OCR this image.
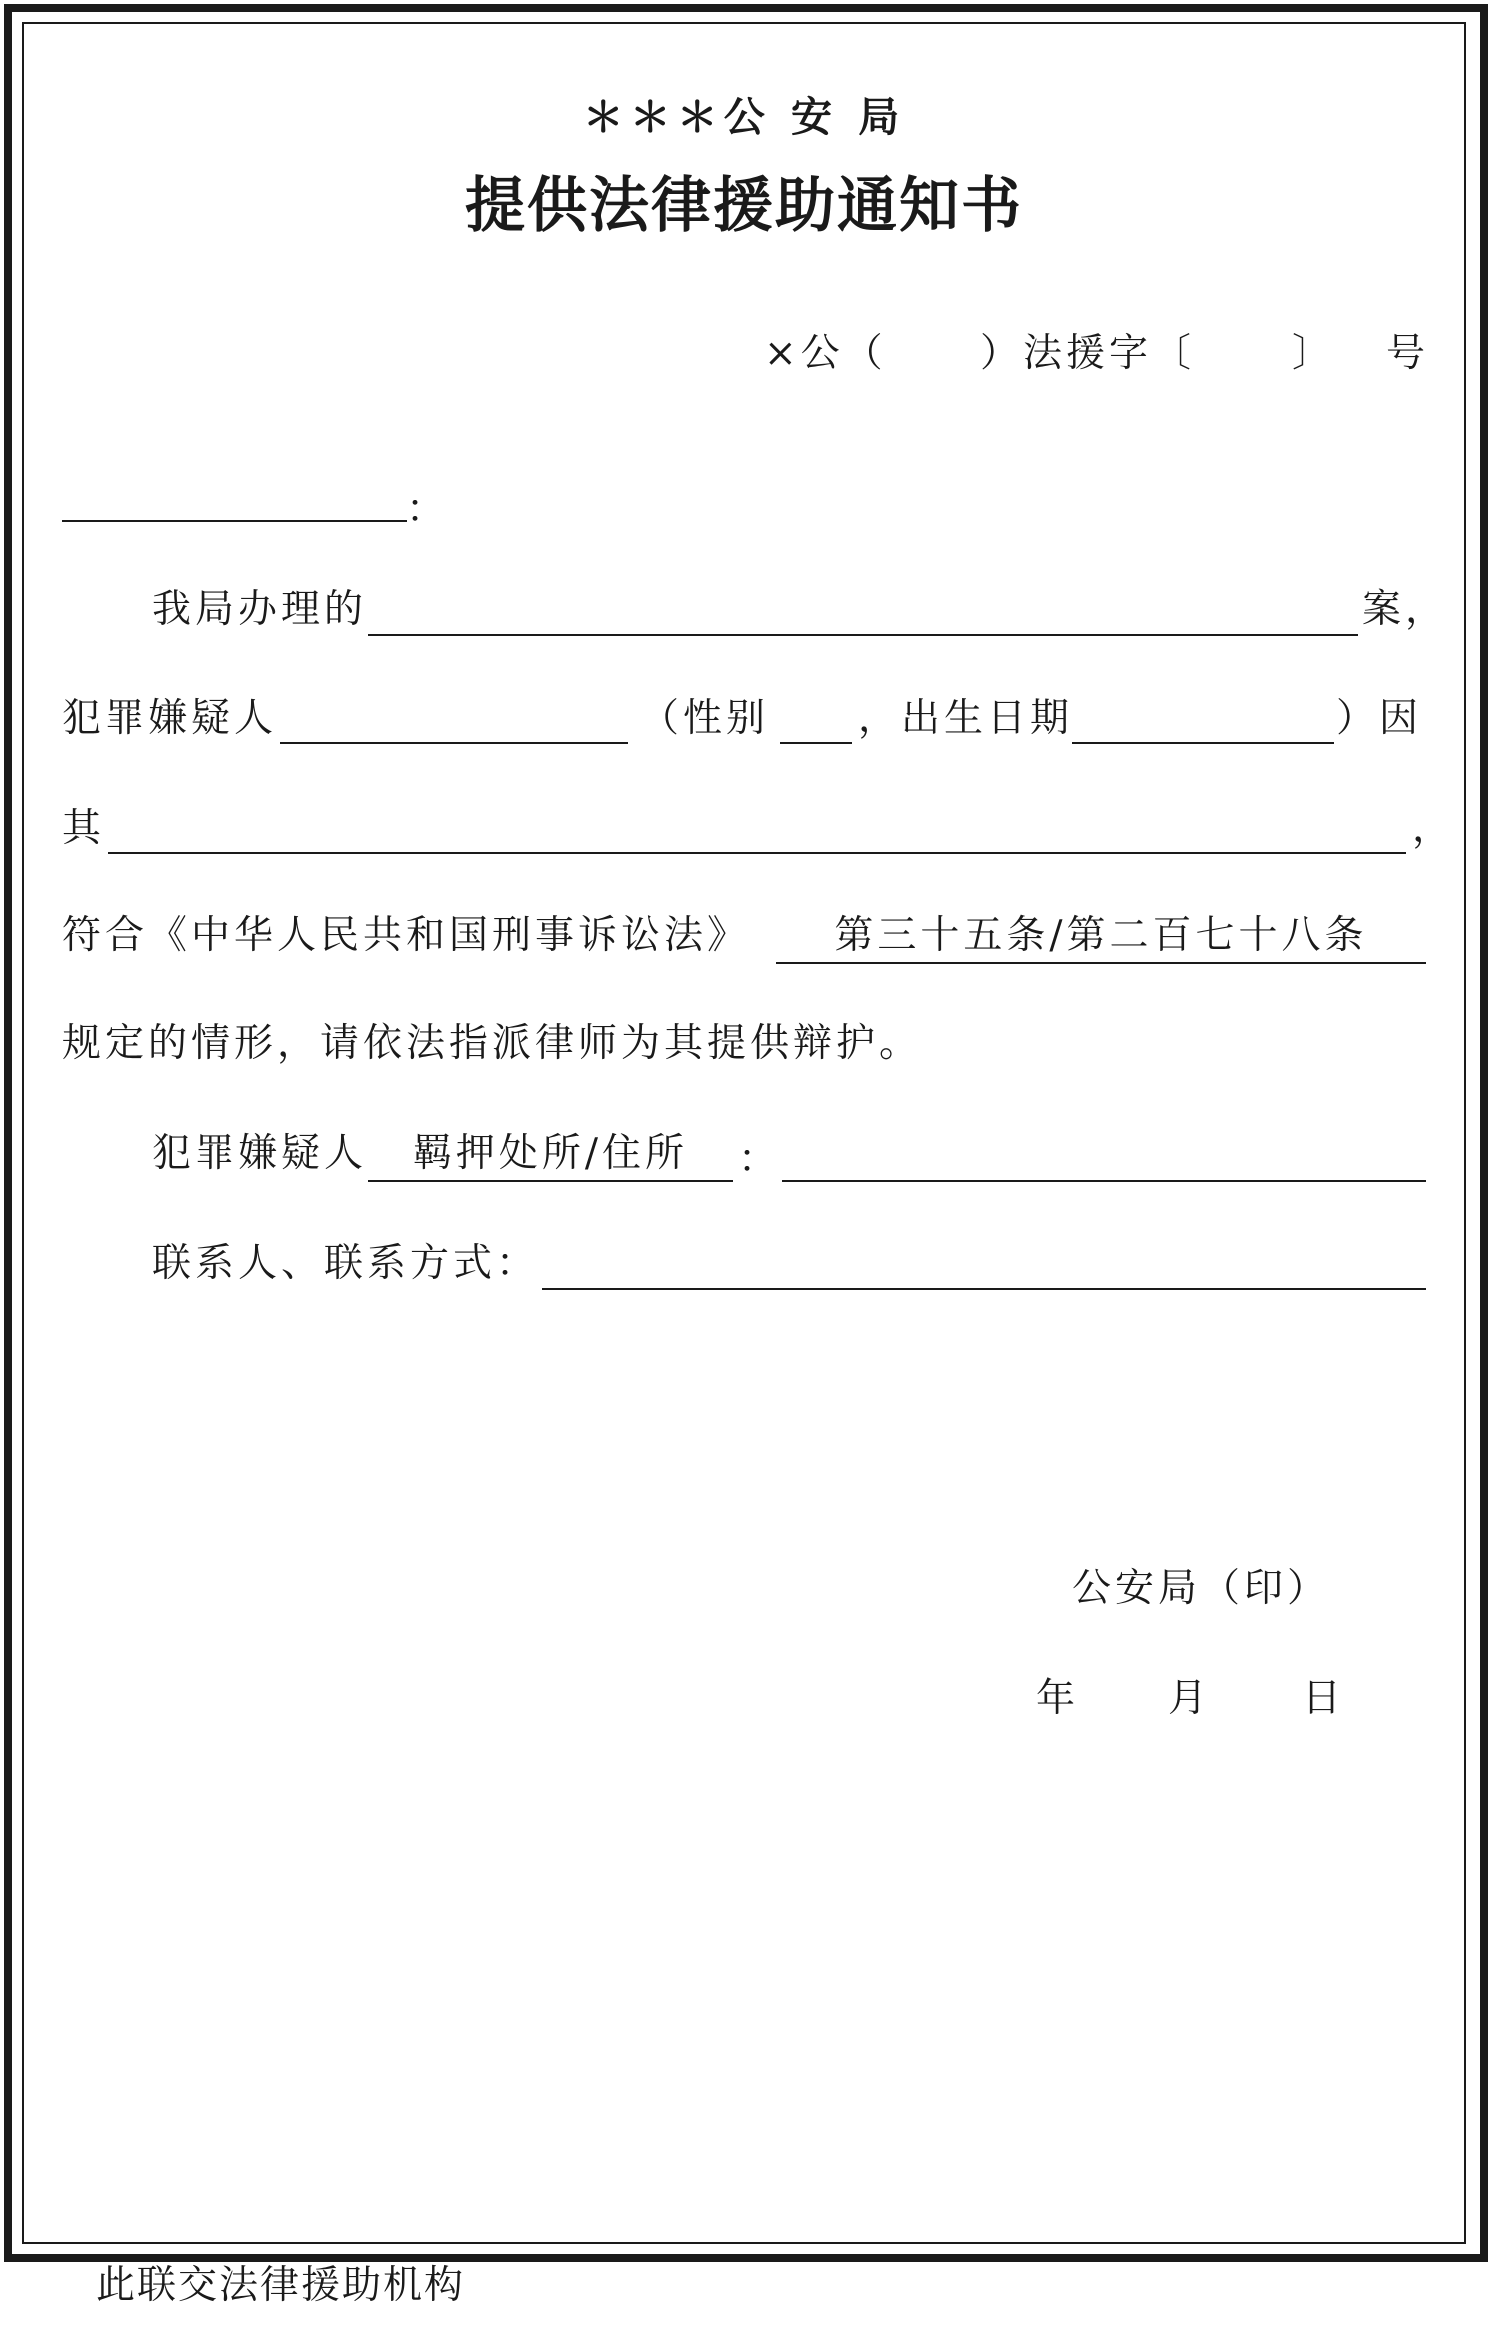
＊＊＊公 安 局
提供法律援助通知书
×公（ ）法援字〔 〕 号
：
我局办理的	案，
犯罪嫌疑人	（性别 ，出生日期	）因
其	，
符合《中华人民共和国刑事诉讼法》	第三十五条/第二百七十八条
规定的情形，请依法指派律师为其提供辩护。
犯罪嫌疑人	羁押处所/住所	：
联系人、联系方式：
公安局（印）
年 月 日
此联交法律援助机构
